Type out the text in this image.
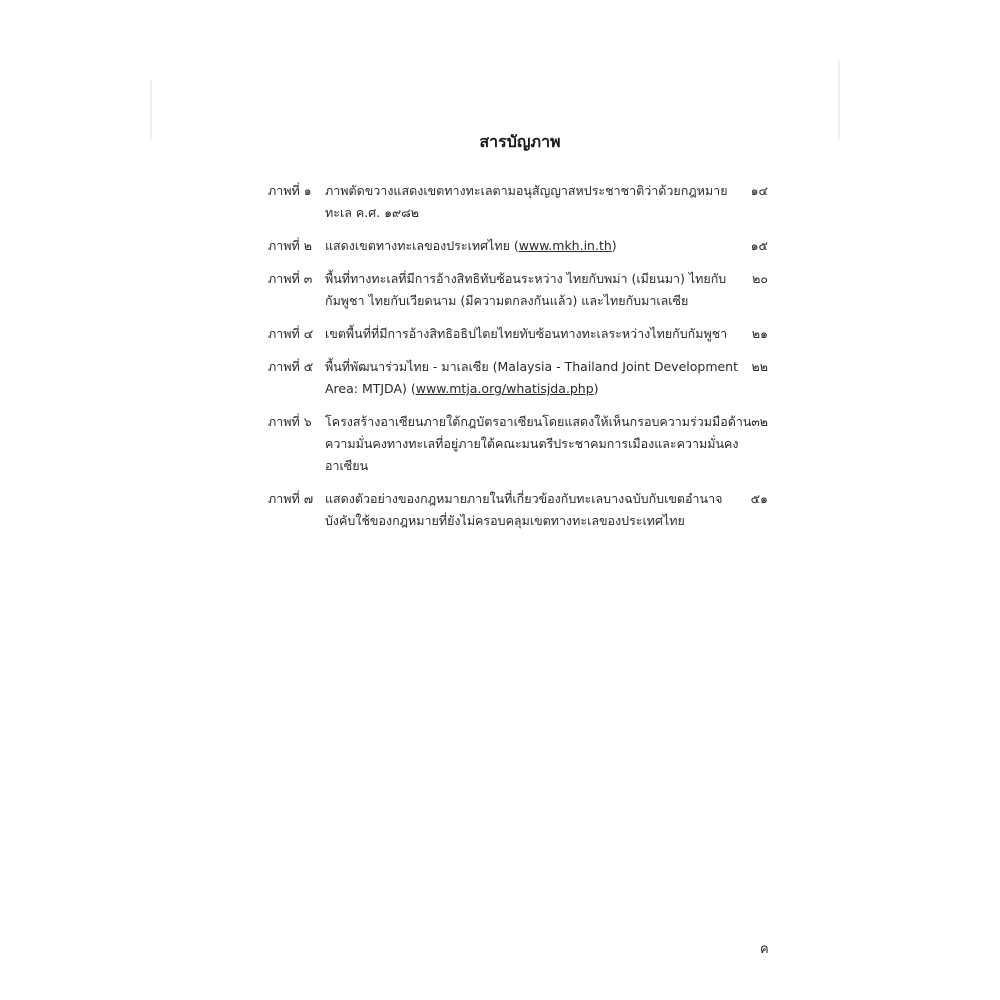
สารบัญภาพ
ภาพที่ ๑	ภาพตัดขวางแสดงเขตทางทะเลตามอนุสัญญาสหประชาชาติว่าด้วยกฎหมาย
ทะเล ค.ศ. ๑๙๘๒
๑๔
ภาพที่ ๒	แสดงเขตทางทะเลของประเทศไทย (www.mkh.in.th)	๑๕
ภาพที่ ๓	พื้นที่ทางทะเลที่มีการอ้างสิทธิทับซ้อนระหว่าง ไทยกับพม่า (เมียนมา) ไทยกับ
กัมพูชา ไทยกับเวียดนาม (มีความตกลงกันแล้ว) และไทยกับมาเลเซีย
๒๐
ภาพที่ ๔ เขตพื้นที่ที่มีการอ้างสิทธิอธิปไตยไทยทับซ้อนทางทะเลระหว่างไทยกับกัมพูชา ๒๑
ภาพที่ ๕ พื้นที่พัฒนาร่วมไทย - มาเลเซีย (Malaysia - Thailand Joint Development
Area: MTJDA) (www.mtja.org/whatisjda.php)
๒๒
ภาพที่ ๖	โครงสร้างอาเซียนภายใต้กฎบัตรอาเซียนโดยแสดงให้เห็นกรอบความร่วมมือด้าน
ความมั่นคงทางทะเลที่อยู่ภายใต้คณะมนตรีประชาคมการเมืองและความมั่นคง
อาเซียน
๓๒
ภาพที่ ๗ แสดงตัวอย่างของกฎหมายภายในที่เกี่ยวข้องกับทะเลบางฉบับกับเขตอำนาจ
บังคับใช้ของกฎหมายที่ยังไม่ครอบคลุมเขตทางทะเลของประเทศไทย
๕๑
ค
